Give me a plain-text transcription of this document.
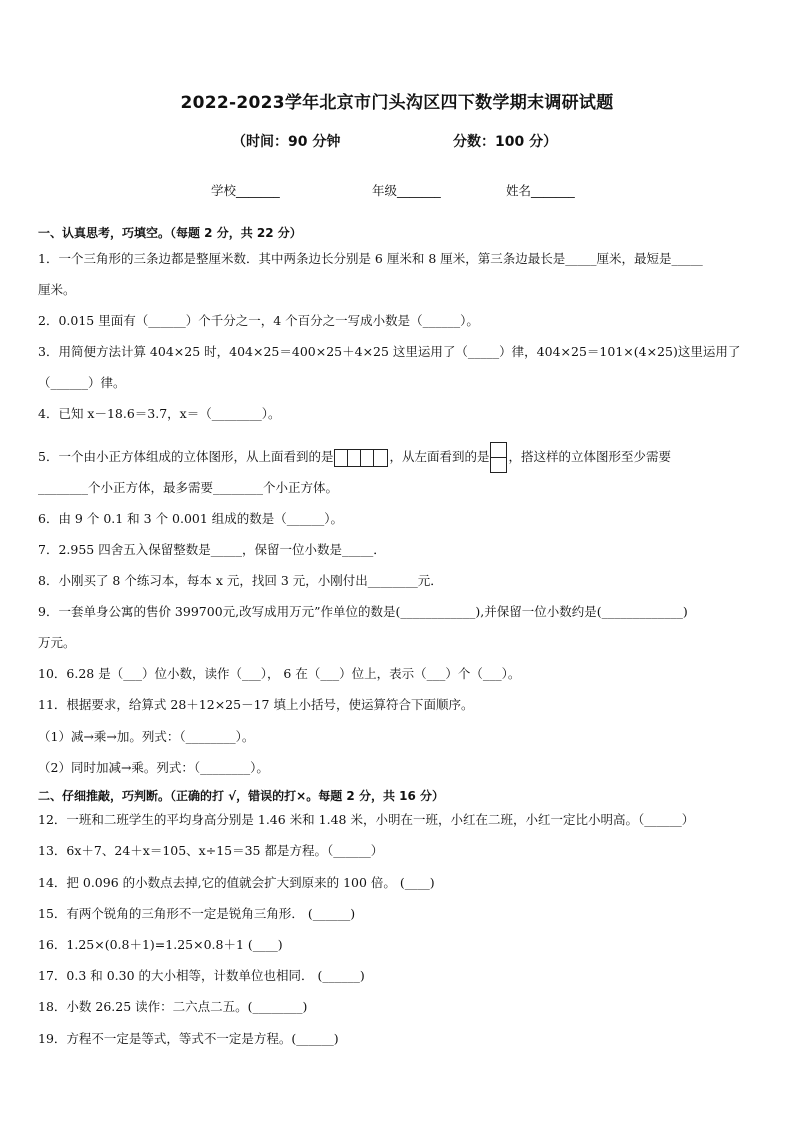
2022-2023学年北京市门头沟区四下数学期末调研试题
（时间：90 分钟	分数：100 分）
学校_______	年级_______	姓名_______
一、认真思考，巧填空。（每题 2 分，共 22 分）
1．一个三角形的三条边都是整厘米数．其中两条边长分别是 6 厘米和 8 厘米，第三条边最长是_____厘米，最短是_____
厘米。
2．0.015 里面有（______）个千分之一，4 个百分之一写成小数是（______）。
3．用简便方法计算 404×25 时，404×25＝400×25＋4×25 这里运用了（_____）律，404×25＝101×(4×25)这里运用了
（______）律。
4．已知 x－18.6＝3.7，x＝（________）。
5．一个由小正方体组成的立体图形，从上面看到的是	，从左面看到的是 ，搭这样的立体图形至少需要
________个小正方体，最多需要________个小正方体。
6．由 9 个 0.1 和 3 个 0.001 组成的数是（______）。
7．2.955 四舍五入保留整数是_____，保留一位小数是_____．
8．小刚买了 8 个练习本，每本 x 元，找回 3 元，小刚付出________元．
9．一套单身公寓的售价 399700元,改写成用万元”作单位的数是(____________),并保留一位小数约是(_____________)
万元。
10．6.28 是（___）位小数，读作（___）， 6 在（___）位上，表示（___）个（___）。
11．根据要求，给算式 28＋12×25－17 填上小括号，使运算符合下面顺序。
（1）减→乘→加。列式：（________）。
（2）同时加减→乘。列式：（________）。
二、仔细推敲，巧判断。（正确的打 √，错误的打×。每题 2 分，共 16 分）
12．一班和二班学生的平均身高分别是 1.46 米和 1.48 米，小明在一班，小红在二班，小红一定比小明高。（______）
13．6x＋7、24＋x＝105、x÷15＝35 都是方程。（______）
14．把 0.096 的小数点去掉,它的值就会扩大到原来的 100 倍。 (____)
15．有两个锐角的三角形不一定是锐角三角形． (______)
16．1.25×(0.8＋1)=1.25×0.8＋1 (____)
17．0.3 和 0.30 的大小相等，计数单位也相同． (______)
18．小数 26.25 读作：二六点二五。(________)
19．方程不一定是等式，等式不一定是方程。(______)
